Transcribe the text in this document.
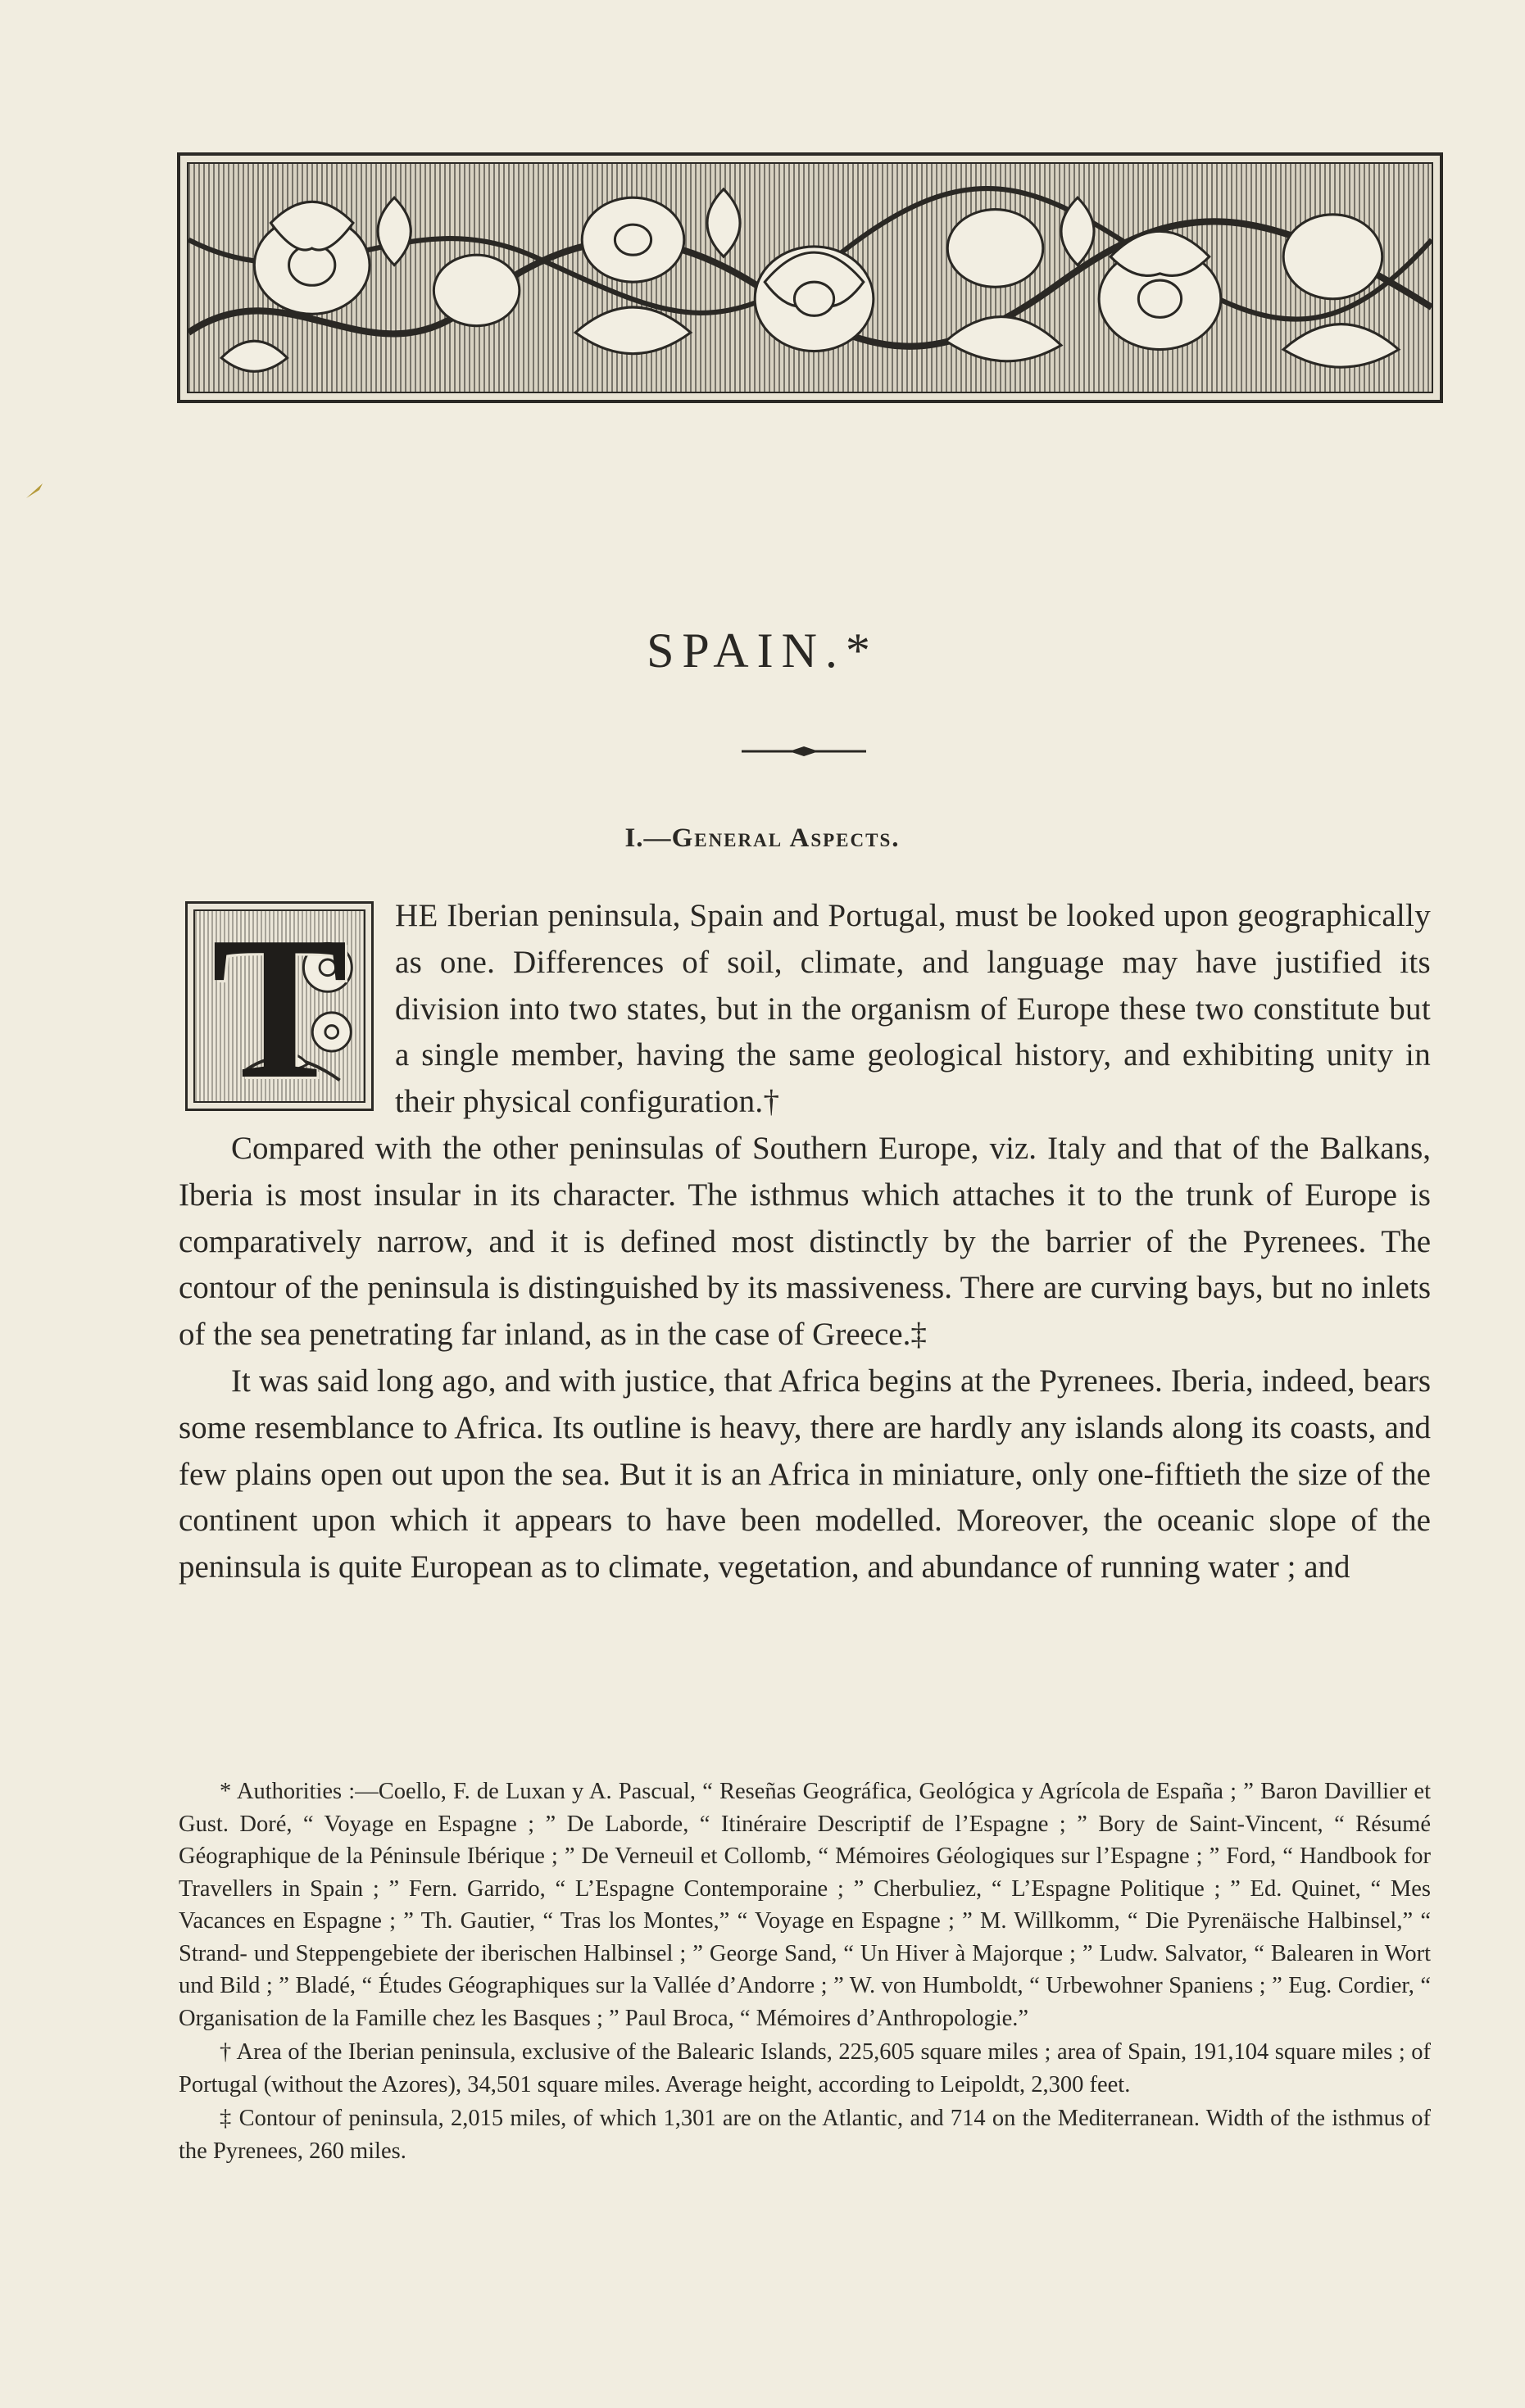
SPAIN.*
I.—General Aspects.
T	HE Iberian peninsula, Spain and Portugal, must be looked upon geographically as one. Differences of soil, climate, and language may have justified its division into two states, but in the organism of Europe these two constitute but a single member, having the same geological history, and exhibiting unity in their physical configuration.†

Compared with the other peninsulas of Southern Europe, viz. Italy and that of the Balkans, Iberia is most insular in its character. The isthmus which attaches it to the trunk of Europe is comparatively narrow, and it is defined most distinctly by the barrier of the Pyrenees. The contour of the peninsula is distinguished by its massiveness. There are curving bays, but no inlets of the sea penetrating far inland, as in the case of Greece.‡

It was said long ago, and with justice, that Africa begins at the Pyrenees. Iberia, indeed, bears some resemblance to Africa. Its outline is heavy, there are hardly any islands along its coasts, and few plains open out upon the sea. But it is an Africa in miniature, only one-fiftieth the size of the continent upon which it appears to have been modelled. Moreover, the oceanic slope of the peninsula is quite European as to climate, vegetation, and abundance of running water ; and

* Authorities :—Coello, F. de Luxan y A. Pascual, “ Reseñas Geográfica, Geológica y Agrícola de España ; ” Baron Davillier et Gust. Doré, “ Voyage en Espagne ; ” De Laborde, “ Itinéraire Descriptif de l’Espagne ; ” Bory de Saint-Vincent, “ Résumé Géographique de la Péninsule Ibérique ; ” De Verneuil et Collomb, “ Mémoires Géologiques sur l’Espagne ; ” Ford, “ Handbook for Travellers in Spain ; ” Fern. Garrido, “ L’Espagne Contemporaine ; ” Cherbuliez, “ L’Espagne Politique ; ” Ed. Quinet, “ Mes Vacances en Espagne ; ” Th. Gautier, “ Tras los Montes,” “ Voyage en Espagne ; ” M. Willkomm, “ Die Pyrenäische Halbinsel,” “ Strand- und Steppengebiete der iberischen Halbinsel ; ” George Sand, “ Un Hiver à Majorque ; ” Ludw. Salvator, “ Balearen in Wort und Bild ; ” Bladé, “ Études Géographiques sur la Vallée d’Andorre ; ” W. von Humboldt, “ Urbewohner Spaniens ; ” Eug. Cordier, “ Organisation de la Famille chez les Basques ; ” Paul Broca, “ Mémoires d’Anthropologie.”

† Area of the Iberian peninsula, exclusive of the Balearic Islands, 225,605 square miles ; area of Spain, 191,104 square miles ; of Portugal (without the Azores), 34,501 square miles. Average height, according to Leipoldt, 2,300 feet.

‡ Contour of peninsula, 2,015 miles, of which 1,301 are on the Atlantic, and 714 on the Mediterranean. Width of the isthmus of the Pyrenees, 260 miles.
